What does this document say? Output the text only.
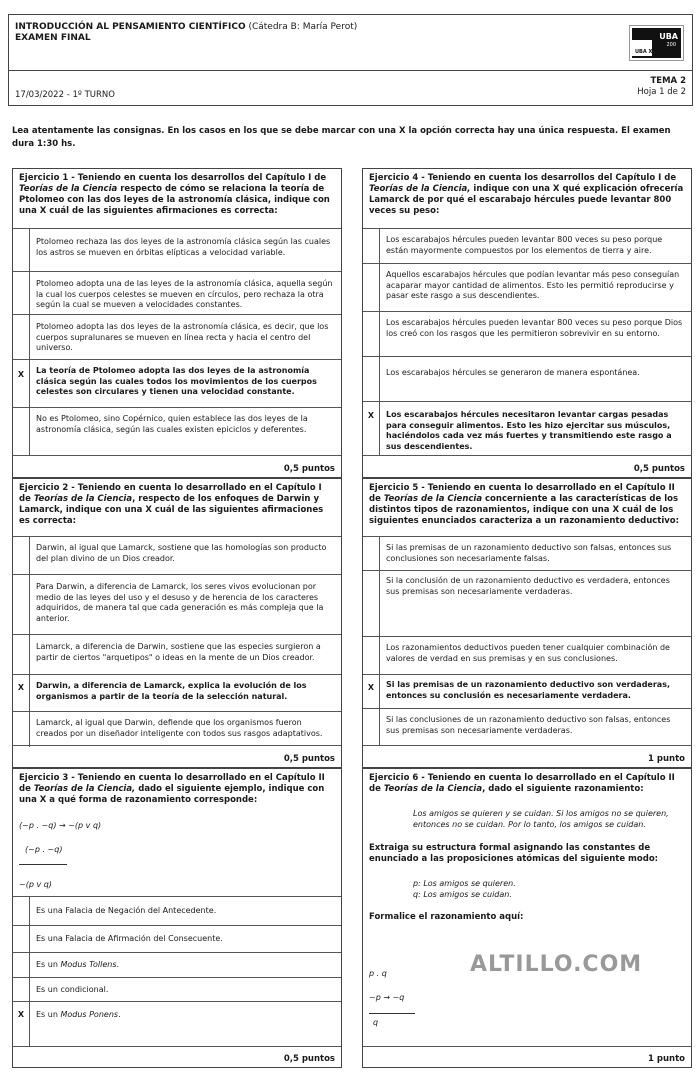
INTRODUCCIÓN AL PENSAMIENTO CIENTÍFICO (Cátedra B: María Perot)
EXAMEN FINAL	UBA
200
UBA XXI
17/03/2022 - 1º TURNO
TEMA 2
Hoja 1 de 2
Lea atentamente las consignas. En los casos en los que se debe marcar con una X la opción correcta hay una única respuesta. El examen dura 1:30 hs.
Ejercicio 1 - Teniendo en cuenta los desarrollos del Capítulo I de Teorías de la Ciencia respecto de cómo se relaciona la teoría de Ptolomeo con las dos leyes de la astronomía clásica, indique con una X cuál de las siguientes afirmaciones es correcta:
Ptolomeo rechaza las dos leyes de la astronomía clásica según las cuales los astros se mueven en órbitas elípticas a velocidad variable.
Ptolomeo adopta una de las leyes de la astronomía clásica, aquella según la cual los cuerpos celestes se mueven en círculos, pero rechaza la otra según la cual se mueven a velocidades constantes.
Ptolomeo adopta las dos leyes de la astronomía clásica, es decir, que los cuerpos supralunares se mueven en línea recta y hacia el centro del universo.
X	La teoría de Ptolomeo adopta las dos leyes de la astronomía clásica según las cuales todos los movimientos de los cuerpos celestes son circulares y tienen una velocidad constante.
No es Ptolomeo, sino Copérnico, quien establece las dos leyes de la astronomía clásica, según las cuales existen epiciclos y deferentes.
0,5 puntos
Ejercicio 2 - Teniendo en cuenta lo desarrollado en el Capítulo I de Teorías de la Ciencia, respecto de los enfoques de Darwin y Lamarck, indique con una X cuál de las siguientes afirmaciones es correcta:
Darwin, al igual que Lamarck, sostiene que las homologías son producto del plan divino de un Dios creador.
Para Darwin, a diferencia de Lamarck, los seres vivos evolucionan por medio de las leyes del uso y el desuso y de herencia de los caracteres adquiridos, de manera tal que cada generación es más compleja que la anterior.
Lamarck, a diferencia de Darwin, sostiene que las especies surgieron a partir de ciertos "arquetipos" o ideas en la mente de un Dios creador.
X	Darwin, a diferencia de Lamarck, explica la evolución de los organismos a partir de la teoría de la selección natural.
Lamarck, al igual que Darwin, defiende que los organismos fueron creados por un diseñador inteligente con todos sus rasgos adaptativos.
0,5 puntos
Ejercicio 3 - Teniendo en cuenta lo desarrollado en el Capítulo II de Teorías de la Ciencia, dado el siguiente ejemplo, indique con una X a qué forma de razonamiento corresponde:
(~p . ~q) → ~(p v q)
(~p . ~q)
~(p v q)
Es una Falacia de Negación del Antecedente.
Es una Falacia de Afirmación del Consecuente.
Es un Modus Tollens.
Es un condicional.
X	Es un Modus Ponens.
0,5 puntos
Ejercicio 4 - Teniendo en cuenta los desarrollos del Capítulo I de Teorías de la Ciencia, indique con una X qué explicación ofrecería Lamarck de por qué el escarabajo hércules puede levantar 800 veces su peso:
Los escarabajos hércules pueden levantar 800 veces su peso porque están mayormente compuestos por los elementos de tierra y aire.
Aquellos escarabajos hércules que podían levantar más peso conseguían acaparar mayor cantidad de alimentos. Esto les permitió reproducirse y pasar este rasgo a sus descendientes.
Los escarabajos hércules pueden levantar 800 veces su peso porque Dios los creó con los rasgos que les permitieron sobrevivir en su entorno.
Los escarabajos hércules se generaron de manera espontánea.
X	Los escarabajos hércules necesitaron levantar cargas pesadas para conseguir alimentos. Esto les hizo ejercitar sus músculos, haciéndolos cada vez más fuertes y transmitiendo este rasgo a sus descendientes.
0,5 puntos
Ejercicio 5 - Teniendo en cuenta lo desarrollado en el Capítulo II de Teorías de la Ciencia concerniente a las características de los distintos tipos de razonamientos, indique con una X cuál de los siguientes enunciados caracteriza a un razonamiento deductivo:
Si las premisas de un razonamiento deductivo son falsas, entonces sus conclusiones son necesariamente falsas.
Si la conclusión de un razonamiento deductivo es verdadera, entonces sus premisas son necesariamente verdaderas.
Los razonamientos deductivos pueden tener cualquier combinación de valores de verdad en sus premisas y en sus conclusiones.
X	Si las premisas de un razonamiento deductivo son verdaderas, entonces su conclusión es necesariamente verdadera.
Si las conclusiones de un razonamiento deductivo son falsas, entonces sus premisas son necesariamente verdaderas.
1 punto
Ejercicio 6 - Teniendo en cuenta lo desarrollado en el Capítulo II de Teorías de la Ciencia, dado el siguiente razonamiento:
Los amigos se quieren y se cuidan. Si los amigos no se quieren, entonces no se cuidan. Por lo tanto, los amigos se cuidan.
Extraiga su estructura formal asignando las constantes de enunciado a las proposiciones atómicas del siguiente modo:
p: Los amigos se quieren.
q: Los amigos se cuidan.
Formalice el razonamiento aquí:
p . q
~p → ~q
q
1 punto
ALTILLO.COM
